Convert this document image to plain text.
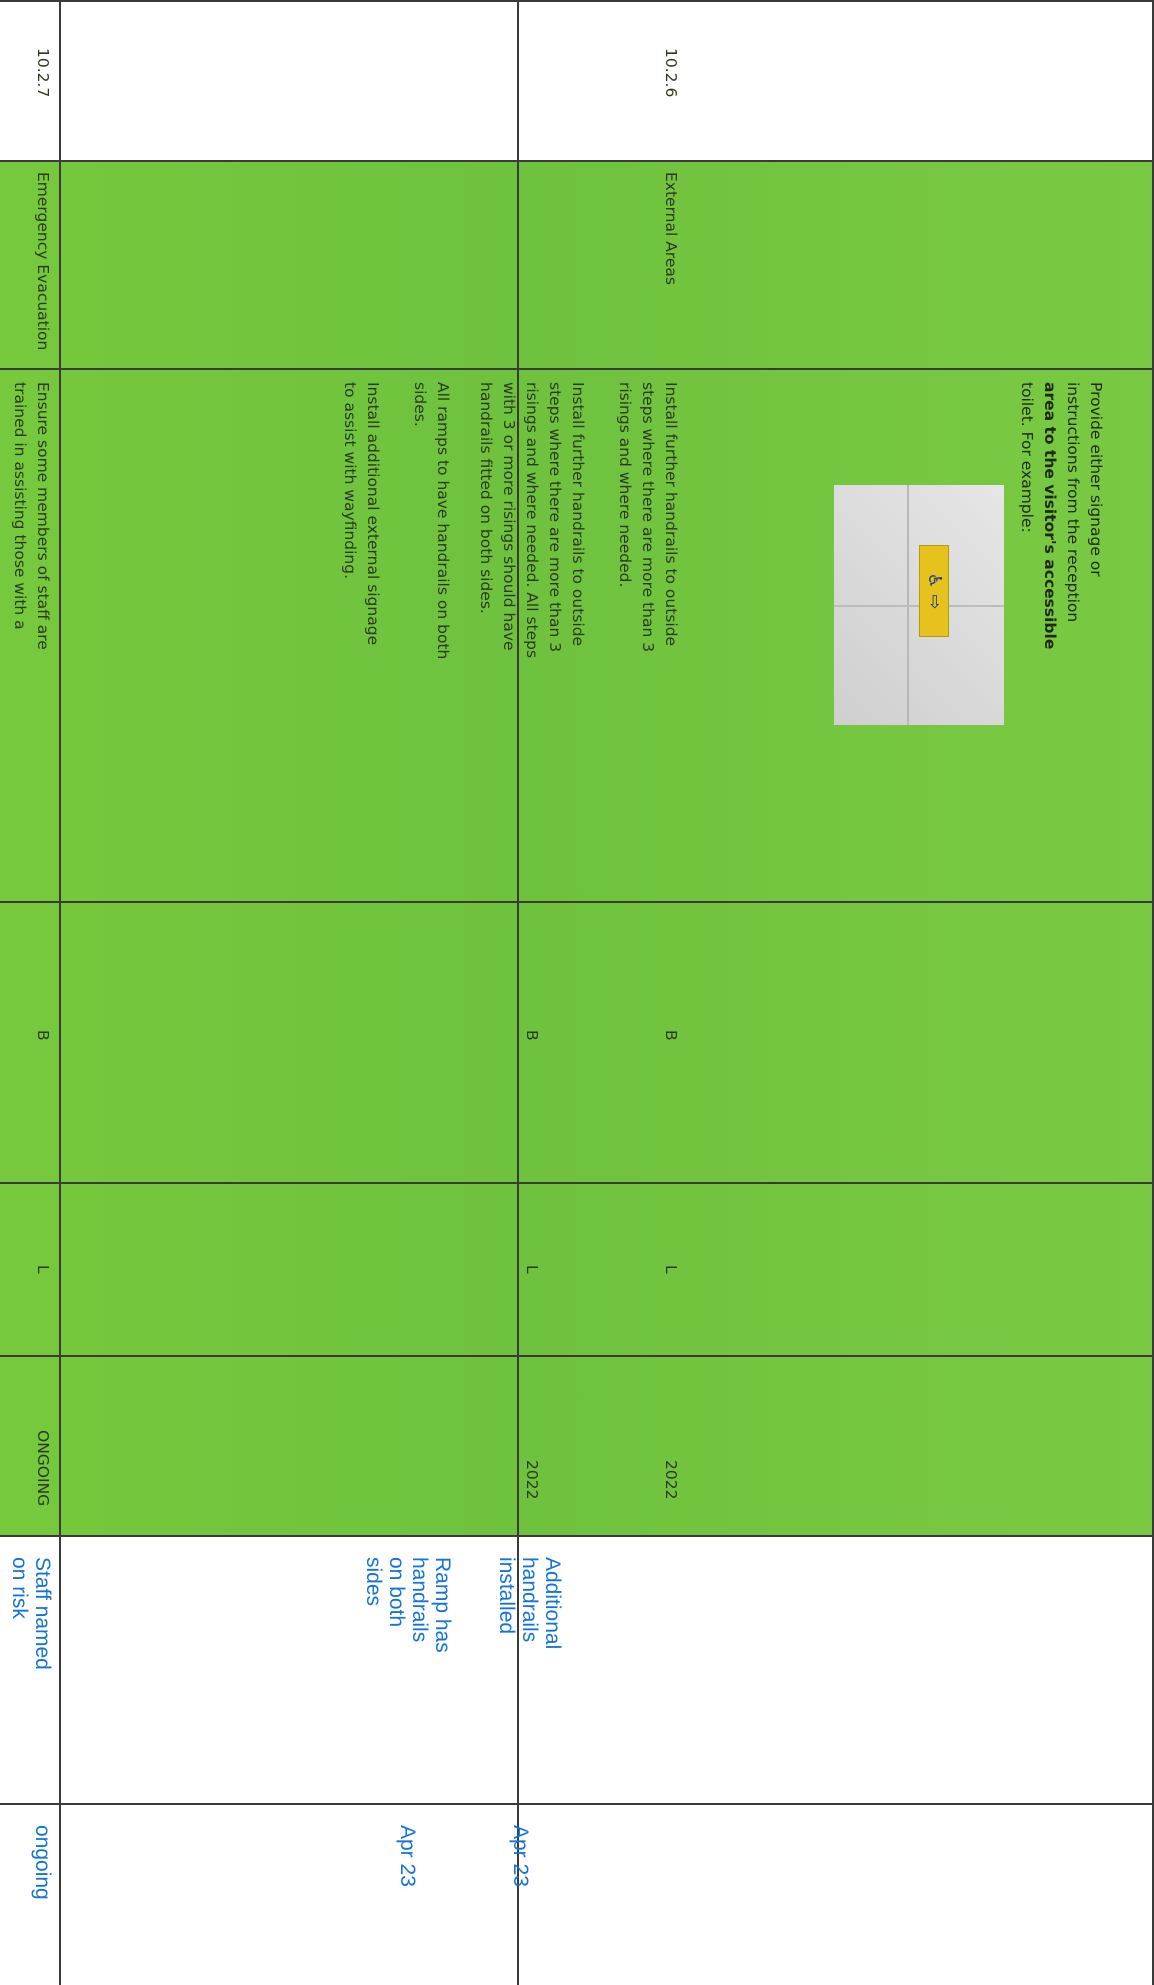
10.2.6
10.2.7
External Areas
Emergency Evacuation
Provide either signage or
instructions from the reception
area to the visitor's accessible
toilet. For example:
♿ ⇨
Install further handrails to outside
steps where there are more than 3
risings and where needed.
Install further handrails to outside
steps where there are more than 3
risings and where needed. All steps
with 3 or more risings should have
handrails fitted on both sides.
All ramps to have handrails on both
sides.
Install additional external signage
to assist with wayfinding.
B
L
2022
B
L
2022
Ensure some members of staff are
trained in assisting those with a
B
L
ONGOING
Additional
handrails
installed
Ramp has
handrails
on both
sides
Staff named
on risk
Apr 23
Apr 23
ongoing
